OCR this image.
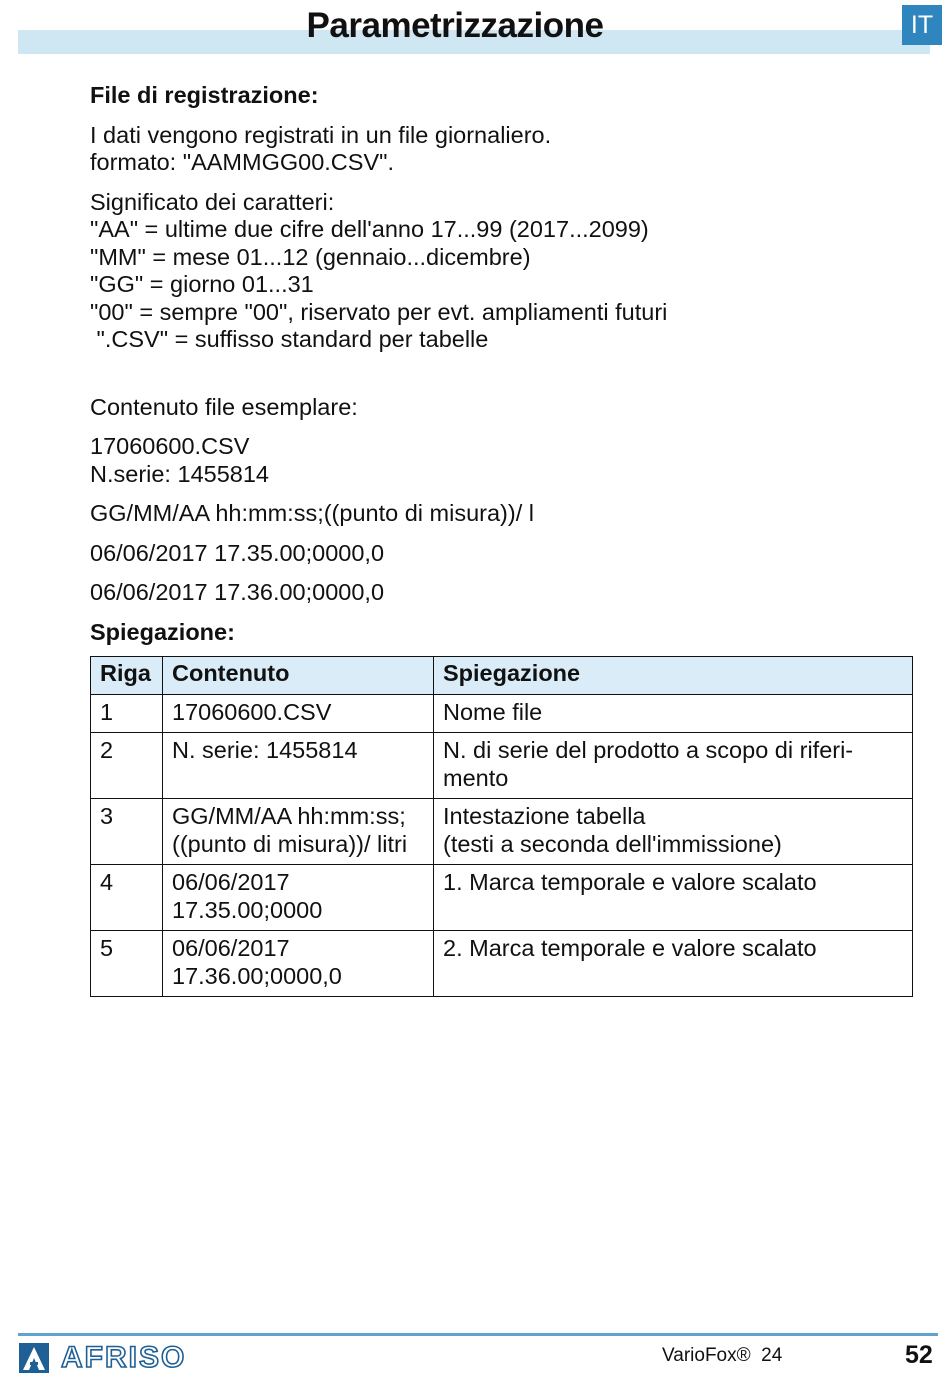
Parametrizzazione	IT
File di registrazione:
I dati vengono registrati in un file giornaliero.
formato: "AAMMGG00.CSV".
Significato dei caratteri:
"AA" = ultime due cifre dell'anno 17...99 (2017...2099)
"MM" = mese 01...12 (gennaio...dicembre)
"GG" = giorno 01...31
"00" = sempre "00", riservato per evt. ampliamenti futuri
".CSV" = suffisso standard per tabelle
Contenuto file esemplare:
17060600.CSV
N.serie: 1455814
GG/MM/AA hh:mm:ss;((punto di misura))/ l
06/06/2017 17.35.00;0000,0
06/06/2017 17.36.00;0000,0
Spiegazione:
Riga	Contenuto	Spiegazione
1	17060600.CSV	Nome file
2	N. serie: 1455814	N. di serie del prodotto a scopo di riferi-
mento
3	GG/MM/AA hh:mm:ss;
((punto di misura))/ litri	Intestazione tabella
(testi a seconda dell'immissione)
4	06/06/2017
17.35.00;0000	1. Marca temporale e valore scalato
5	06/06/2017
17.36.00;0000,0	2. Marca temporale e valore scalato
AFRISO	VarioFox®  24	52
